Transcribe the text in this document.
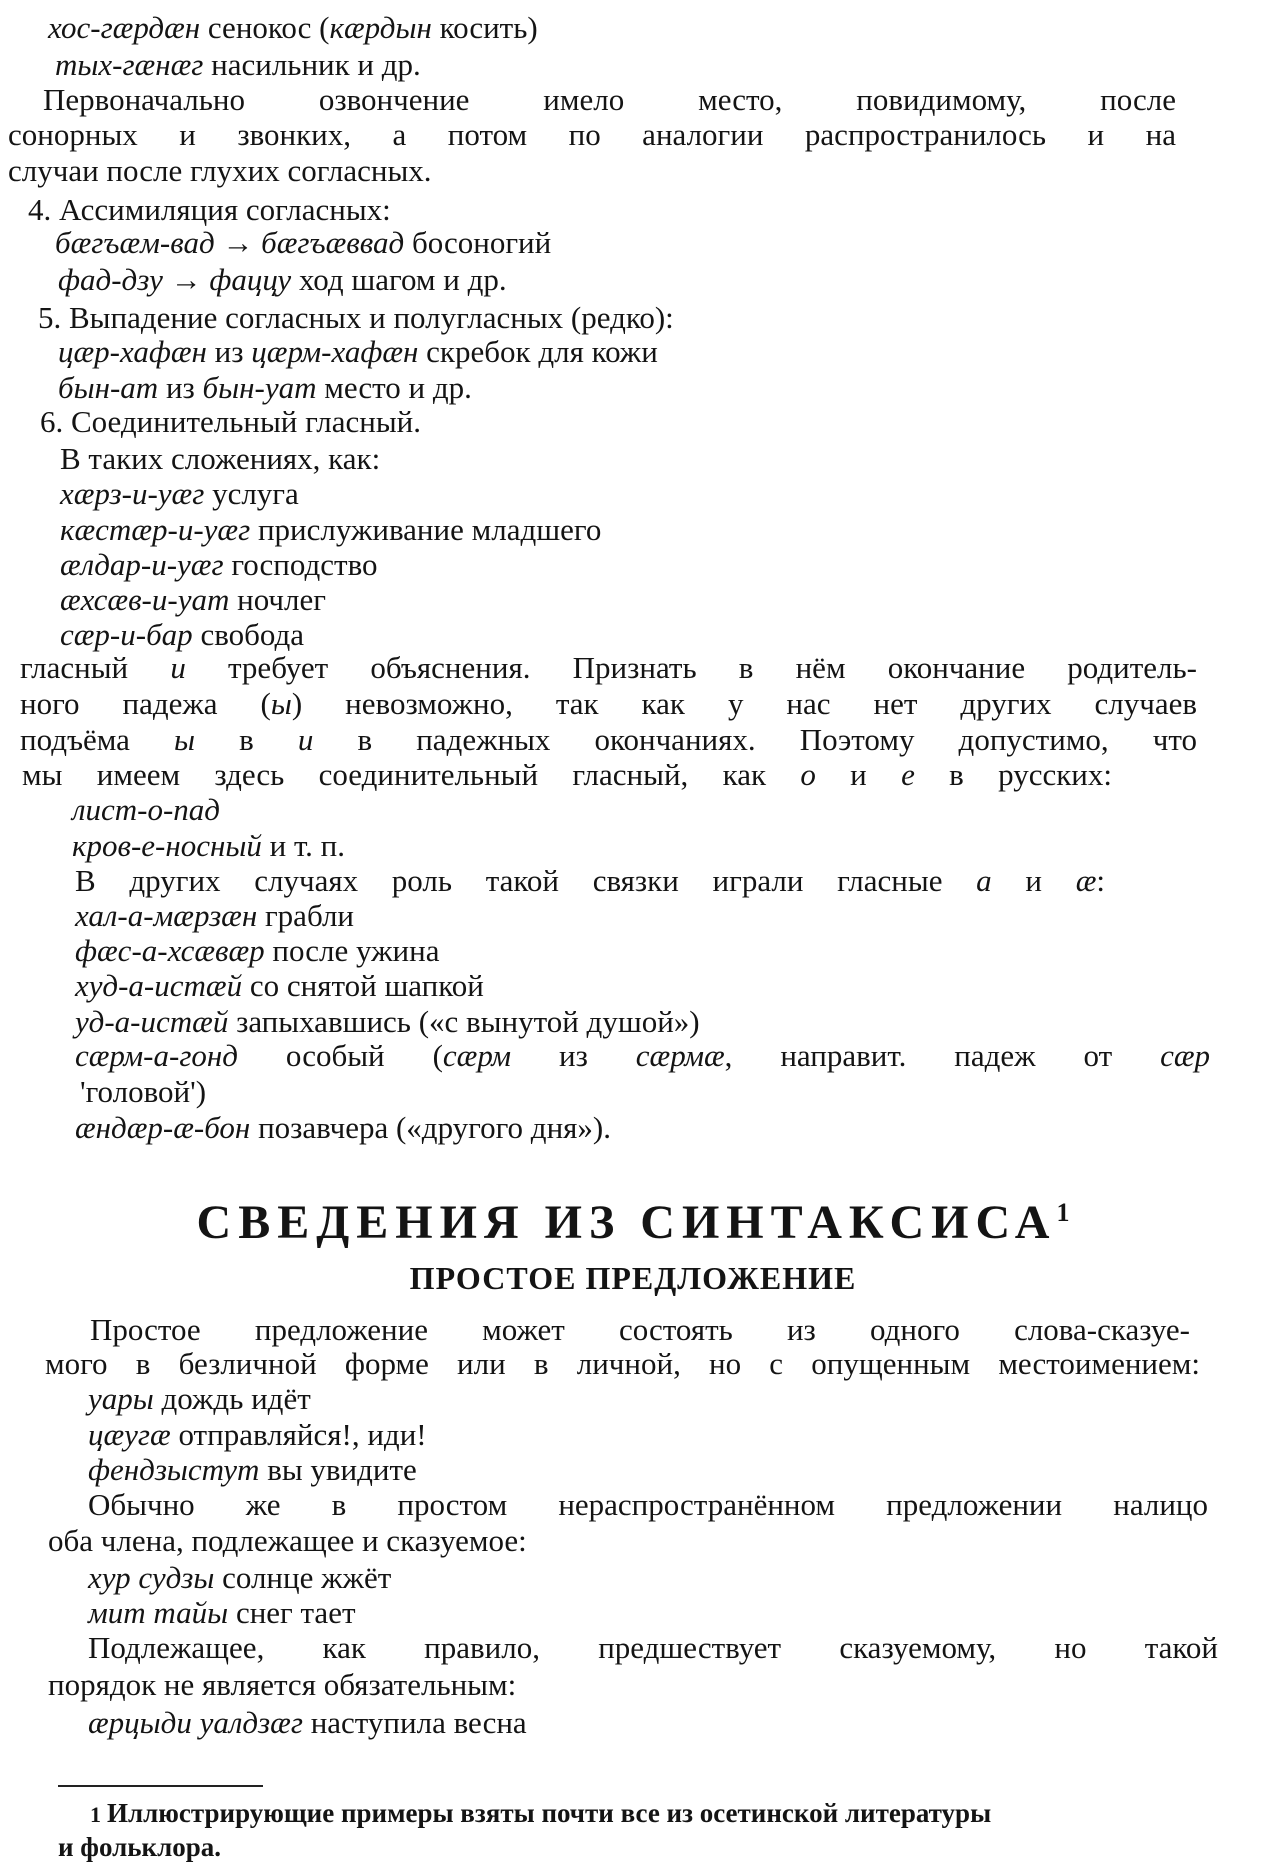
хос-гæрдæн сенокос (кæрдын косить)
тых-гæнæг насильник и др.
Первоначально озвончение имело место, повидимому, после
сонорных и звонких, а потом по аналогии распространилось и на
случаи после глухих согласных.
4. Ассимиляция согласных:
бæгъæм-вад → бæгъæввад босоногий
фад-дзу → фаццу ход шагом и др.
5. Выпадение согласных и полугласных (редко):
цæр-хафæн из цæрм-хафæн скребок для кожи
бын-ат из бын-уат место и др.
6. Соединительный гласный.
В таких сложениях, как:
хæрз-и-уæг услуга
кæстæр-и-уæг прислуживание младшего
æлдар-и-уæг господство
æхсæв-и-уат ночлег
сæр-и-бар свобода
гласный и требует объяснения. Признать в нём окончание родитель-
ного падежа (ы) невозможно, так как у нас нет других случаев
подъёма ы в и в падежных окончаниях. Поэтому допустимо, что
мы имеем здесь соединительный гласный, как о и е в русских:
лист-о-пад
кров-е-носный и т. п.
В других случаях роль такой связки играли гласные а и æ:
хал-а-мæрзæн грабли
фæс-а-хсæвæр после ужина
худ-а-истæй со снятой шапкой
уд-а-истæй запыхавшись («с вынутой душой»)
сæрм-а-гонд особый (сæрм из сæрмæ, направит. падеж от сæр
'головой')
æндæр-æ-бон позавчера («другого дня»).
Простое предложение может состоять из одного слова-сказуе-
мого в безличной форме или в личной, но с опущенным местоимением:
уары дождь идёт
цæугæ отправляйся!, иди!
фендзыстут вы увидите
Обычно же в простом нераспространённом предложении налицо
оба члена, подлежащее и сказуемое:
хур судзы солнце жжёт
мит тайы снег тает
Подлежащее, как правило, предшествует сказуемому, но такой
порядок не является обязательным:
æрцыди уалдзæг наступила весна
СВЕДЕНИЯ ИЗ СИНТАКСИСА$^1$
ПРОСТОЕ ПРЕДЛОЖЕНИЕ
1 Иллюстрирующие примеры взяты почти все из осетинской литературы
и фольклора.
